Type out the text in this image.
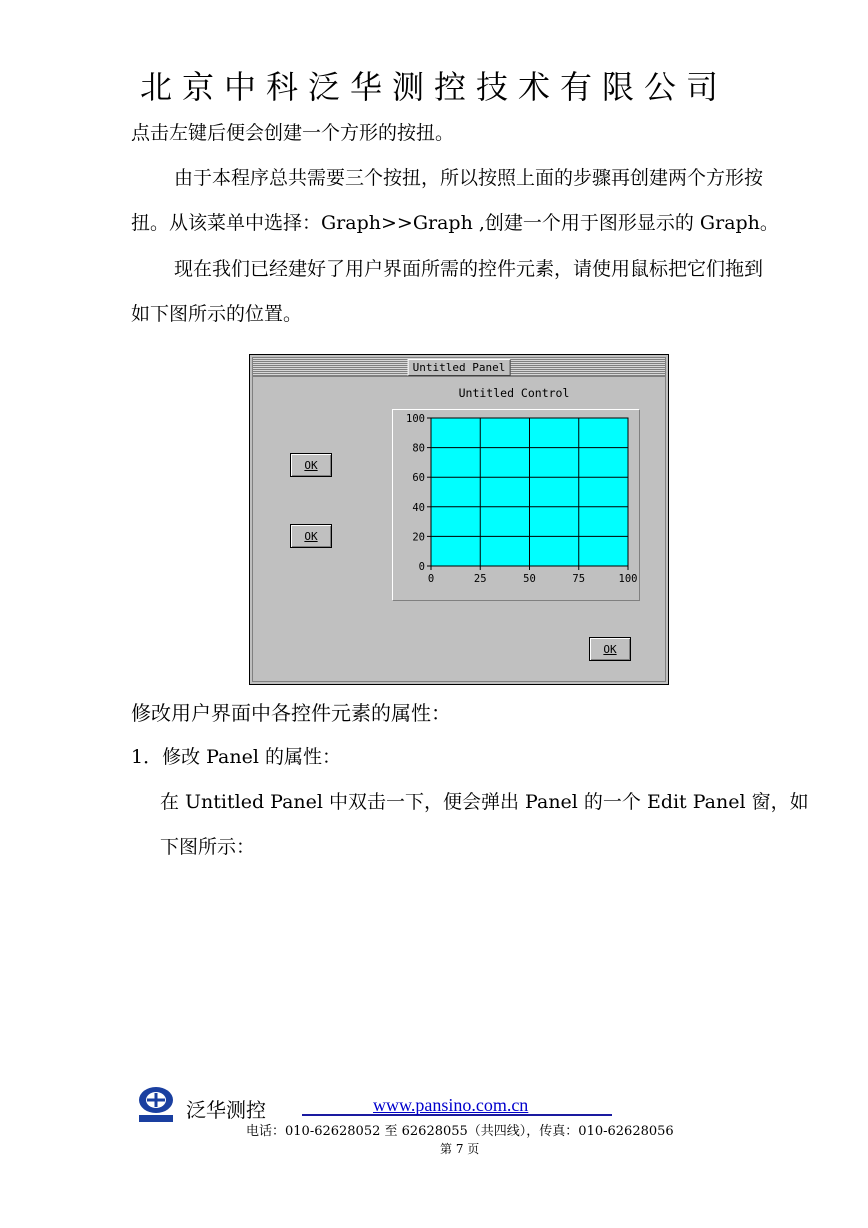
北京中科泛华测控技术有限公司
点击左键后便会创建一个方形的按扭。
由于本程序总共需要三个按扭，所以按照上面的步骤再创建两个方形按
扭。从该菜单中选择：Graph>>Graph ,创建一个用于图形显示的 Graph。
现在我们已经建好了用户界面所需的控件元素，请使用鼠标把它们拖到
如下图所示的位置。
Untitled Panel
Untitled Control
OK
OK
OK
0	25	50	75	100
0
20
40
60
80
100
修改用户界面中各控件元素的属性：
1．修改 Panel 的属性：
在 Untitled Panel 中双击一下，便会弹出 Panel 的一个 Edit Panel 窗，如
下图所示：
泛华测控	www.pansino.com.cn
电话：010-62628052 至 62628055（共四线），传真：010-62628056
第 7 页
